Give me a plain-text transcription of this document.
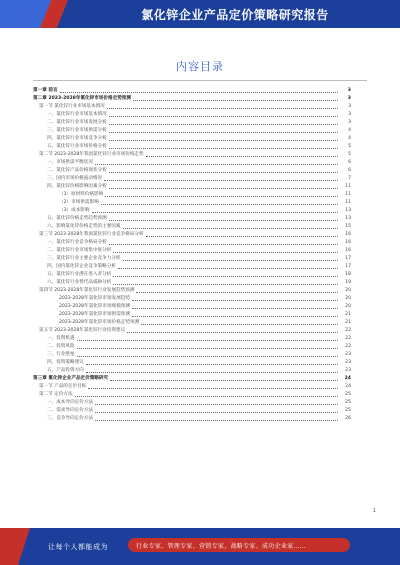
氯化锌企业产品定价策略研究报告
内容目录
第一章 前言	3
第二章 2023-2028年氯化锌市场价格走势预测	3
第一节 氯化锌行业市场基本情况	3
一、氯化锌行业市场基本情况	3
二、氯化锌行业市场发展分析	3
三、氯化锌行业市场供需分析	4
四、氯化锌行业市场竞争分析	4
五、氯化锌行业市场价格分析	5
第二节 2023-2028年我国氯化锌行业市场价格走势	5
一、市场供需平衡状况	6
二、氯化锌产品价格现状分析	6
三、国内市场价格波动情况	7
四、氯化锌价格影响因素分析	11
（1）原材料价格影响	11
（2）市场供需影响	11
（3）成本影响	13
五、氯化锌价格走势趋势预测	13
六、影响氯化锌价格走势的主要因素	15
第三节 2023-2028年我国氯化锌行业竞争格局分析	16
一、氯化锌行业竞争格局分析	16
二、氯化锌行业市场集中度分析	16
三、氯化锌行业主要企业竞争力分析	17
四、国内氯化锌企业竞争策略分析	17
五、氯化锌行业潜在进入者分析	18
六、氯化锌行业替代品威胁分析	19
第四节 2023-2028年氯化锌行业发展趋势预测	20
2023-2028年氯化锌市场发展趋势	20
2023-2028年氯化锌市场规模预测	20
2023-2028年氯化锌市场供需预测	21
2023-2028年氯化锌市场价格走势预测	21
第五节 2023-2028年氯化锌行业投资建议	22
一、投资机遇	22
二、投资风险	22
三、行业壁垒	23
四、投资策略建议	23
五、产品投资方向	23
第三章 氯化锌企业产品定价策略研究	24
第一节 产品的定价目标	24
第二节 定价方法	25
一、成本导向定价方法	25
二、需求导向定价方法	25
三、竞争导向定价方法	26
1
让每个人都能成为	行业专家、管理专家、营销专家、战略专家、成功企业家……
